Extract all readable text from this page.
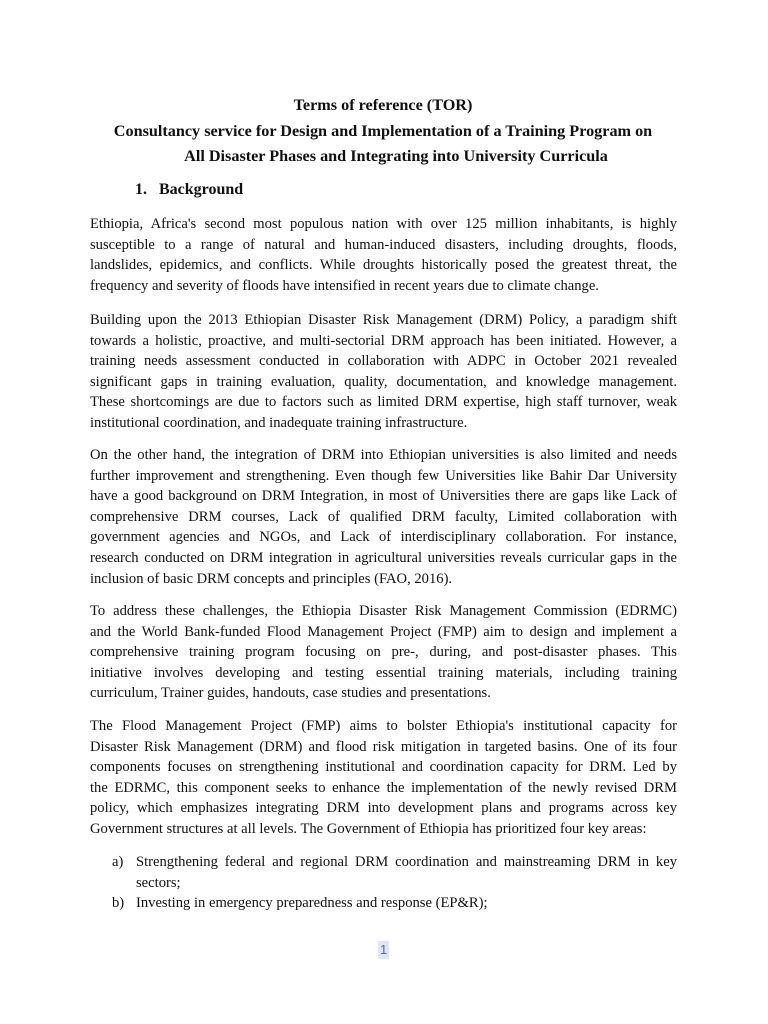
Terms of reference (TOR)
Consultancy service for Design and Implementation of a Training Program on
All Disaster Phases and Integrating into University Curricula
1. Background

Ethiopia, Africa's second most populous nation with over 125 million inhabitants, is highly
susceptible to a range of natural and human-induced disasters, including droughts, floods,
landslides, epidemics, and conflicts. While droughts historically posed the greatest threat, the
frequency and severity of floods have intensified in recent years due to climate change.

Building upon the 2013 Ethiopian Disaster Risk Management (DRM) Policy, a paradigm shift
towards a holistic, proactive, and multi-sectorial DRM approach has been initiated. However, a
training needs assessment conducted in collaboration with ADPC in October 2021 revealed
significant gaps in training evaluation, quality, documentation, and knowledge management.
These shortcomings are due to factors such as limited DRM expertise, high staff turnover, weak
institutional coordination, and inadequate training infrastructure.

On the other hand, the integration of DRM into Ethiopian universities is also limited and needs
further improvement and strengthening. Even though few Universities like Bahir Dar University
have a good background on DRM Integration, in most of Universities there are gaps like Lack of
comprehensive DRM courses, Lack of qualified DRM faculty, Limited collaboration with
government agencies and NGOs, and Lack of interdisciplinary collaboration. For instance,
research conducted on DRM integration in agricultural universities reveals curricular gaps in the
inclusion of basic DRM concepts and principles (FAO, 2016).

To address these challenges, the Ethiopia Disaster Risk Management Commission (EDRMC)
and the World Bank-funded Flood Management Project (FMP) aim to design and implement a
comprehensive training program focusing on pre-, during, and post-disaster phases. This
initiative involves developing and testing essential training materials, including training
curriculum, Trainer guides, handouts, case studies and presentations.

The Flood Management Project (FMP) aims to bolster Ethiopia's institutional capacity for
Disaster Risk Management (DRM) and flood risk mitigation in targeted basins. One of its four
components focuses on strengthening institutional and coordination capacity for DRM. Led by
the EDRMC, this component seeks to enhance the implementation of the newly revised DRM
policy, which emphasizes integrating DRM into development plans and programs across key
Government structures at all levels. The Government of Ethiopia has prioritized four key areas:

a) Strengthening federal and regional DRM coordination and mainstreaming DRM in key
sectors;
b) Investing in emergency preparedness and response (EP&R);
1
